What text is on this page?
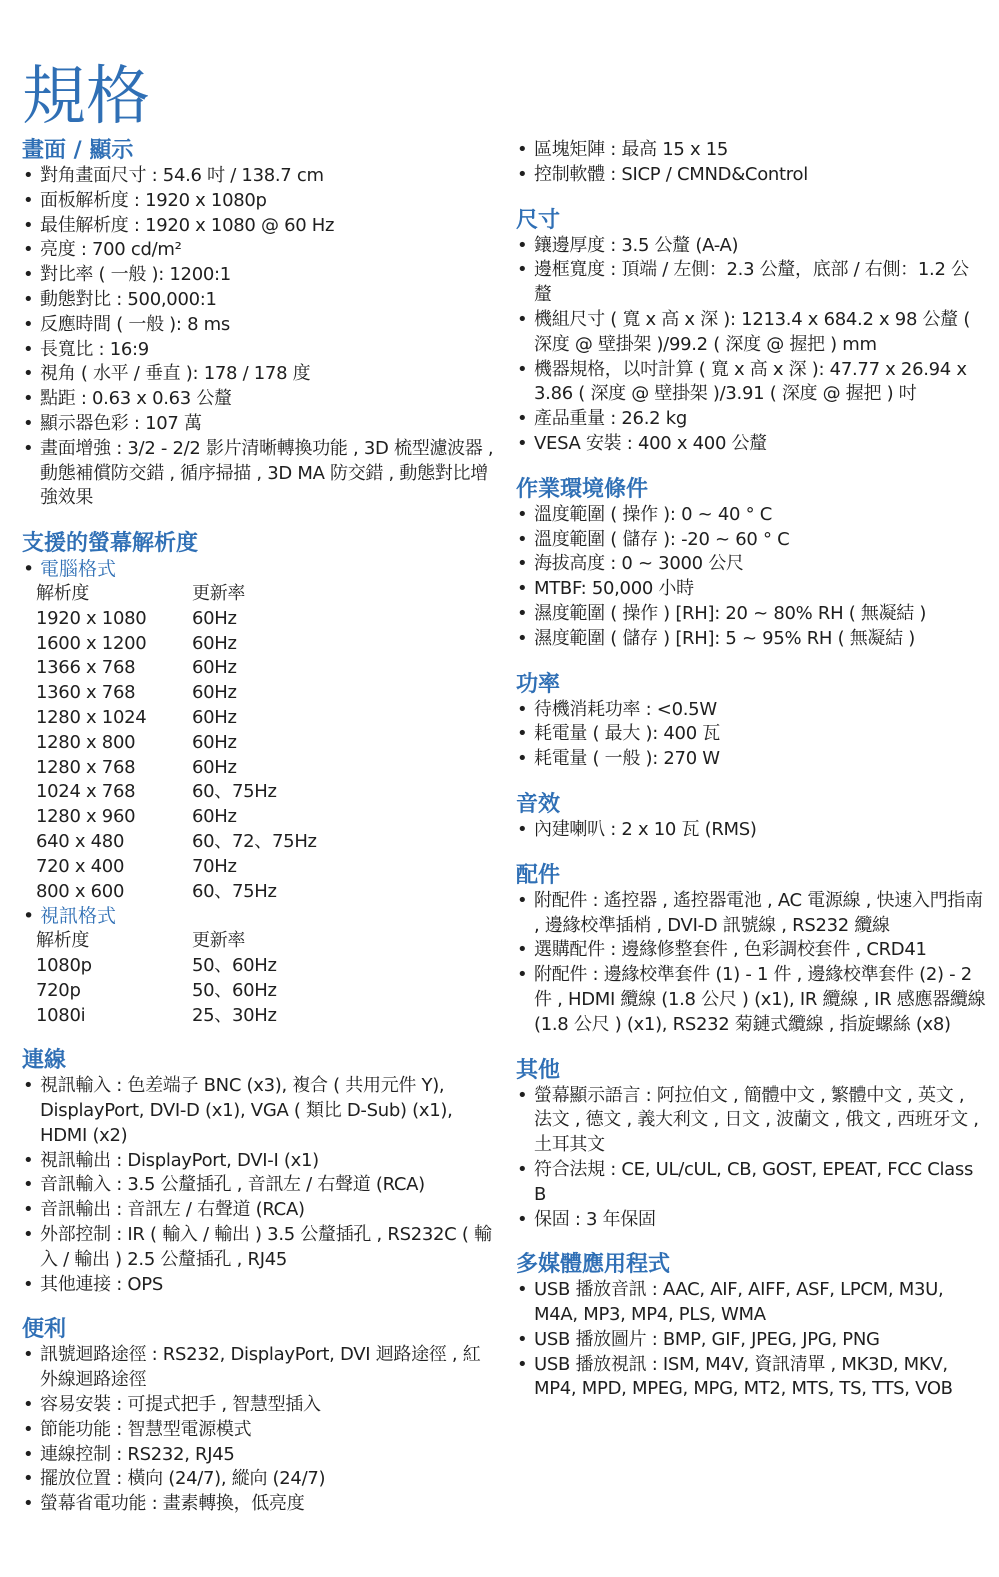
規格
畫面 / 顯示
• 對角畫面尺寸 : 54.6 吋 / 138.7 cm
• 面板解析度 : 1920 x 1080p
• 最佳解析度 : 1920 x 1080 @ 60 Hz
• 亮度 : 700 cd/m²
• 對比率 ( 一般 ): 1200:1
• 動態對比 : 500,000:1
• 反應時間 ( 一般 ): 8 ms
• 長寬比 : 16:9
• 視角 ( 水平 / 垂直 ): 178 / 178 度
• 點距 : 0.63 x 0.63 公釐
• 顯示器色彩 : 107 萬
• 畫面增強 : 3/2 - 2/2 影片清晰轉換功能 , 3D 梳型濾波器 , 動態補償防交錯 , 循序掃描 , 3D MA 防交錯 , 動態對比增強效果
支援的螢幕解析度
• 電腦格式
解析度	更新率
1920 x 1080	60Hz
1600 x 1200	60Hz
1366 x 768	60Hz
1360 x 768	60Hz
1280 x 1024	60Hz
1280 x 800	60Hz
1280 x 768	60Hz
1024 x 768	60、75Hz
1280 x 960	60Hz
640 x 480	60、72、75Hz
720 x 400	70Hz
800 x 600	60、75Hz
• 視訊格式
解析度	更新率
1080p	50、60Hz
720p	50、60Hz
1080i	25、30Hz
連線
• 視訊輸入 : 色差端子 BNC (x3), 複合 ( 共用元件 Y), DisplayPort, DVI-D (x1), VGA ( 類比 D-Sub) (x1), HDMI (x2)
• 視訊輸出 : DisplayPort, DVI-I (x1)
• 音訊輸入 : 3.5 公釐插孔 , 音訊左 / 右聲道 (RCA)
• 音訊輸出 : 音訊左 / 右聲道 (RCA)
• 外部控制 : IR ( 輸入 / 輸出 ) 3.5 公釐插孔 , RS232C ( 輸入 / 輸出 ) 2.5 公釐插孔 , RJ45
• 其他連接 : OPS
便利
• 訊號迴路途徑 : RS232, DisplayPort, DVI 迴路途徑 , 紅外線迴路途徑
• 容易安裝 : 可提式把手 , 智慧型插入
• 節能功能 : 智慧型電源模式
• 連線控制 : RS232, RJ45
• 擺放位置 : 橫向 (24/7), 縱向 (24/7)
• 螢幕省電功能 : 畫素轉換，低亮度
• 區塊矩陣 : 最高 15 x 15
• 控制軟體 : SICP / CMND&Control
尺寸
• 鑲邊厚度 : 3.5 公釐 (A-A)
• 邊框寬度 : 頂端 / 左側：2.3 公釐，底部 / 右側：1.2 公釐
• 機組尺寸 ( 寬 x 高 x 深 ): 1213.4 x 684.2 x 98 公釐 ( 深度 @ 壁掛架 )/99.2 ( 深度 @ 握把 ) mm
• 機器規格，以吋計算 ( 寬 x 高 x 深 ): 47.77 x 26.94 x 3.86 ( 深度 @ 壁掛架 )/3.91 ( 深度 @ 握把 ) 吋
• 產品重量 : 26.2 kg
• VESA 安裝 : 400 x 400 公釐
作業環境條件
• 溫度範圍 ( 操作 ): 0 ~ 40 ° C
• 溫度範圍 ( 儲存 ): -20 ~ 60 ° C
• 海拔高度 : 0 ~ 3000 公尺
• MTBF: 50,000 小時
• 濕度範圍 ( 操作 ) [RH]: 20 ~ 80% RH ( 無凝結 )
• 濕度範圍 ( 儲存 ) [RH]: 5 ~ 95% RH ( 無凝結 )
功率
• 待機消耗功率 : <0.5W
• 耗電量 ( 最大 ): 400 瓦
• 耗電量 ( 一般 ): 270 W
音效
• 內建喇叭 : 2 x 10 瓦 (RMS)
配件
• 附配件 : 遙控器 , 遙控器電池 , AC 電源線 , 快速入門指南 , 邊緣校準插梢 , DVI-D 訊號線 , RS232 纜線
• 選購配件 : 邊緣修整套件 , 色彩調校套件 , CRD41
• 附配件 : 邊緣校準套件 (1) - 1 件 , 邊緣校準套件 (2) - 2 件 , HDMI 纜線 (1.8 公尺 ) (x1), IR 纜線 , IR 感應器纜線 (1.8 公尺 ) (x1), RS232 菊鏈式纜線 , 指旋螺絲 (x8)
其他
• 螢幕顯示語言 : 阿拉伯文 , 簡體中文 , 繁體中文 , 英文 , 法文 , 德文 , 義大利文 , 日文 , 波蘭文 , 俄文 , 西班牙文 , 土耳其文
• 符合法規 : CE, UL/cUL, CB, GOST, EPEAT, FCC Class B
• 保固 : 3 年保固
多媒體應用程式
• USB 播放音訊 : AAC, AIF, AIFF, ASF, LPCM, M3U, M4A, MP3, MP4, PLS, WMA
• USB 播放圖片 : BMP, GIF, JPEG, JPG, PNG
• USB 播放視訊 : ISM, M4V, 資訊清單 , MK3D, MKV, MP4, MPD, MPEG, MPG, MT2, MTS, TS, TTS, VOB
